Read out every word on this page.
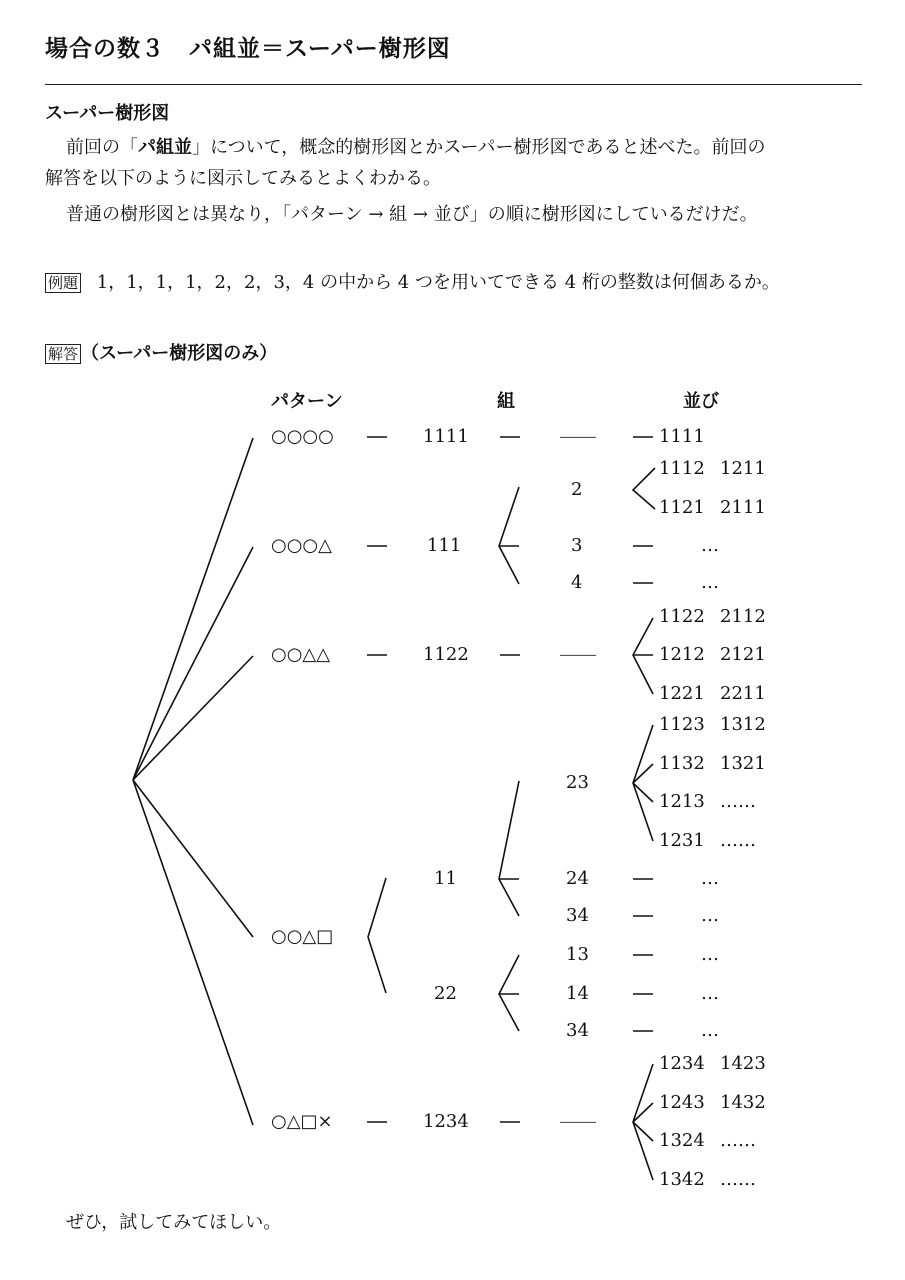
場合の数３　パ組並＝スーパー樹形図
スーパー樹形図
前回の「パ組並」について，概念的樹形図とかスーパー樹形図であると述べた。前回の
解答を以下のように図示してみるとよくわかる。
普通の樹形図とは異なり，「パターン → 組 → 並び」の順に樹形図にしているだけだ。
例題 1，1，1，1，2，2，3，4 の中から 4 つを用いてできる 4 桁の整数は何個あるか。
解答 （スーパー樹形図のみ）
パターン	組	並び
○○○○
○○○△
○○△△
○○△□
○△□×
1111
111
1122
11
22
1234
――
2
3
4
――
23
24
34
13
14
34
――
1111
1112 1211
1121 2111
…
…
1122 2112
1212 2121
1221 2211
1123 1312
1132 1321
1213 ……
1231 ……
…
…
…
…
…
1234 1423
1243 1432
1324 ……
1342 ……
ぜひ，試してみてほしい。
